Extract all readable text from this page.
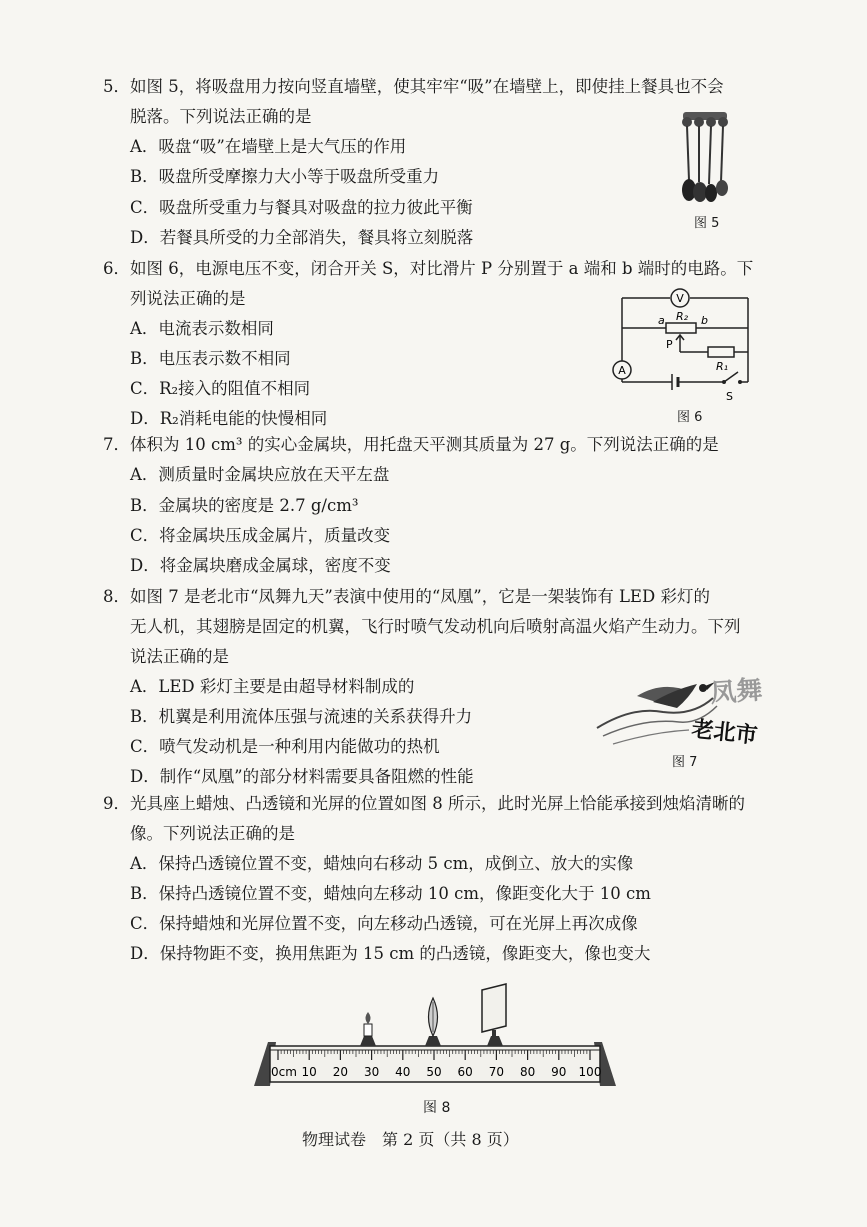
5．如图 5，将吸盘用力按向竖直墙壁，使其牢牢“吸”在墙壁上，即使挂上餐具也不会
脱落。下列说法正确的是
A．吸盘“吸”在墙壁上是大气压的作用
B．吸盘所受摩擦力大小等于吸盘所受重力
C．吸盘所受重力与餐具对吸盘的拉力彼此平衡
D．若餐具所受的力全部消失，餐具将立刻脱落
图 5
6．如图 6，电源电压不变，闭合开关 S，对比滑片 P 分别置于 a 端和 b 端时的电路。下
列说法正确的是
A．电流表示数相同
B．电压表示数不相同
C．R₂接入的阻值不相同
D．R₂消耗电能的快慢相同
V
A
a R₂ b
P
R₁
S
图 6
7．体积为 10 cm³ 的实心金属块，用托盘天平测其质量为 27 g。下列说法正确的是
A．测质量时金属块应放在天平左盘
B．金属块的密度是 2.7 g/cm³
C．将金属块压成金属片，质量改变
D．将金属块磨成金属球，密度不变
8．如图 7 是老北市“凤舞九天”表演中使用的“凤凰”，它是一架装饰有 LED 彩灯的
无人机，其翅膀是固定的机翼，飞行时喷气发动机向后喷射高温火焰产生动力。下列
说法正确的是
A．LED 彩灯主要是由超导材料制成的
B．机翼是利用流体压强与流速的关系获得升力
C．喷气发动机是一种利用内能做功的热机
D．制作“凤凰”的部分材料需要具备阻燃的性能
凤舞
老北市
图 7
9．光具座上蜡烛、凸透镜和光屏的位置如图 8 所示，此时光屏上恰能承接到烛焰清晰的
像。下列说法正确的是
A．保持凸透镜位置不变，蜡烛向右移动 5 cm，成倒立、放大的实像
B．保持凸透镜位置不变，蜡烛向左移动 10 cm，像距变化大于 10 cm
C．保持蜡烛和光屏位置不变，向左移动凸透镜，可在光屏上再次成像
D．保持物距不变，换用焦距为 15 cm 的凸透镜，像距变大，像也变大
0cm 10 20 30 40 50 60 70 80 90 100
图 8
物理试卷　第 2 页（共 8 页）
